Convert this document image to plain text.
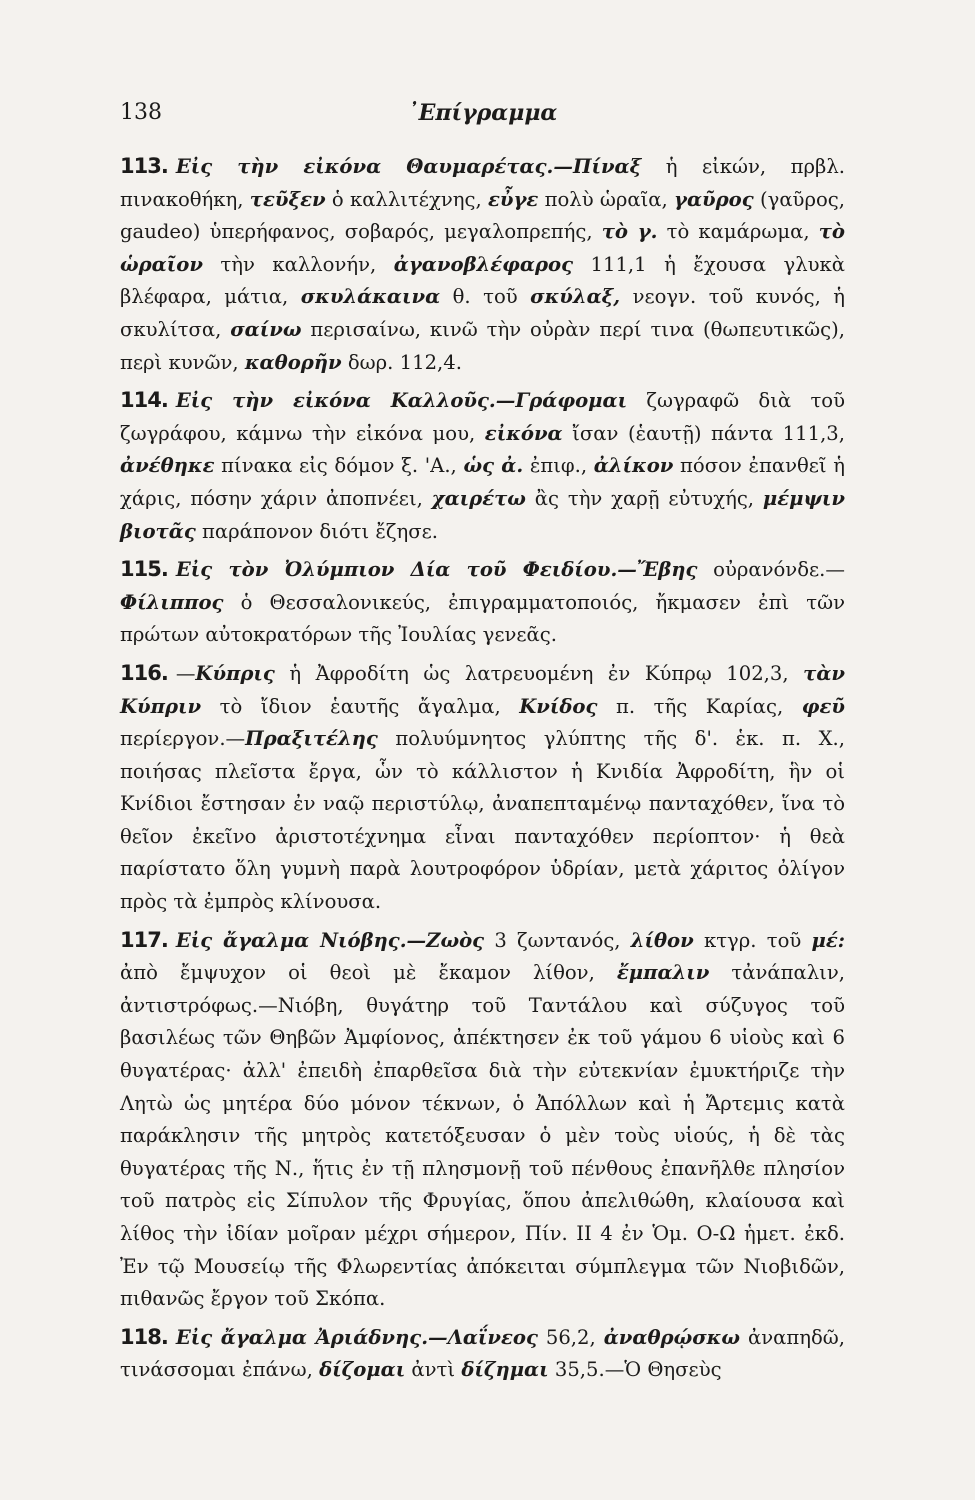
138	᾿Επίγραμμα

113. Εἰς τὴν εἰκόνα Θαυμαρέτας.—Πίναξ ἡ εἰκών, πρβλ. πινακοθήκη, τεῦξεν ὁ καλλιτέχνης, εὖγε πολὺ ὡραῖα, γαῦρος (γαῦρος, gaudeo) ὑπερήφανος, σοβαρός, μεγαλοπρεπής, τὸ γ. τὸ καμάρωμα, τὸ ὡραῖον τὴν καλλονήν, ἀγανοβλέφαρος 111,1 ἡ ἔχουσα γλυκὰ βλέφαρα, μάτια, σκυλάκαινα θ. τοῦ σκύλαξ, νεογν. τοῦ κυνός, ἡ σκυλίτσα, σαίνω περισαίνω, κινῶ τὴν οὐρὰν περί τινα (θωπευτικῶς), περὶ κυνῶν, καθορῆν δωρ. 112,4.

114. Εἰς τὴν εἰκόνα Καλλοῦς.—Γράφομαι ζωγραφῶ διὰ τοῦ ζωγράφου, κάμνω τὴν εἰκόνα μου, εἰκόνα ἴσαν (ἑαυτῇ) πάντα 111,3, ἀνέθηκε πίνακα εἰς δόμον ξ. 'Α., ὡς ἀ. ἐπιφ., ἀλίκον πόσον ἐπανθεῖ ἡ χάρις, πόσην χάριν ἀποπνέει, χαιρέτω ἂς τὴν χαρῇ εὐτυχής, μέμψιν βιοτᾶς παράπονον διότι ἔζησε.

115. Εἰς τὸν Ὀλύμπιον Δία τοῦ Φειδίου.—Ἔβης οὐρανόνδε.—Φίλιππος ὁ Θεσσαλονικεύς, ἐπιγραμματοποιός, ἤκμασεν ἐπὶ τῶν πρώτων αὐτοκρατόρων τῆς Ἰουλίας γενεᾶς.

116. —Κύπρις ἡ Ἀφροδίτη ὡς λατρευομένη ἐν Κύπρῳ 102,3, τὰν Κύπριν τὸ ἴδιον ἑαυτῆς ἄγαλμα, Κνίδος π. τῆς Καρίας, φεῦ περίεργον.—Πραξιτέλης πολυύμνητος γλύπτης τῆς δ'. ἑκ. π. Χ., ποιήσας πλεῖστα ἔργα, ὧν τὸ κάλλιστον ἡ Κνιδία Ἀφροδίτη, ἣν οἱ Κνίδιοι ἔστησαν ἐν ναῷ περιστύλῳ, ἀναπεπταμένῳ πανταχόθεν, ἵνα τὸ θεῖον ἐκεῖνο ἀριστοτέχνημα εἶναι πανταχόθεν περίοπτον· ἡ θεὰ παρίστατο ὅλη γυμνὴ παρὰ λουτροφόρον ὑδρίαν, μετὰ χάριτος ὀλίγον πρὸς τὰ ἐμπρὸς κλίνουσα.

117. Εἰς ἄγαλμα Νιόβης.—Ζωὸς 3 ζωντανός, λίθον κτγρ. τοῦ μέ: ἀπὸ ἔμψυχον οἱ θεοὶ μὲ ἔκαμον λίθον, ἔμπαλιν τἀνάπαλιν, ἀντιστρόφως.—Νιόβη, θυγάτηρ τοῦ Ταντάλου καὶ σύζυγος τοῦ βασιλέως τῶν Θηβῶν Ἀμφίονος, ἀπέκτησεν ἐκ τοῦ γάμου 6 υἱοὺς καὶ 6 θυγατέρας· ἀλλ' ἐπειδὴ ἐπαρθεῖσα διὰ τὴν εὐτεκνίαν ἐμυκτήριζε τὴν Λητὼ ὡς μητέρα δύο μόνον τέκνων, ὁ Ἀπόλλων καὶ ἡ Ἄρτεμις κατὰ παράκλησιν τῆς μητρὸς κατετόξευσαν ὁ μὲν τοὺς υἱούς, ἡ δὲ τὰς θυγατέρας τῆς Ν., ἥτις ἐν τῇ πλησμονῇ τοῦ πένθους ἐπανῆλθε πλησίον τοῦ πατρὸς εἰς Σίπυλον τῆς Φρυγίας, ὅπου ἀπελιθώθη, κλαίουσα καὶ λίθος τὴν ἰδίαν μοῖραν μέχρι σήμερον, Πίν. II 4 ἐν Ὁμ. Ο-Ω ἡμετ. ἐκδ. Ἐν τῷ Μουσείῳ τῆς Φλωρεντίας ἀπόκειται σύμπλεγμα τῶν Νιοβιδῶν, πιθανῶς ἔργον τοῦ Σκόπα.

118. Εἰς ἄγαλμα Ἀριάδνης.—Λαΐνεος 56,2, ἀναθρῴσκω ἀναπηδῶ, τινάσσομαι ἐπάνω, δίζομαι ἀντὶ δίζημαι 35,5.—Ὁ Θησεὺς
